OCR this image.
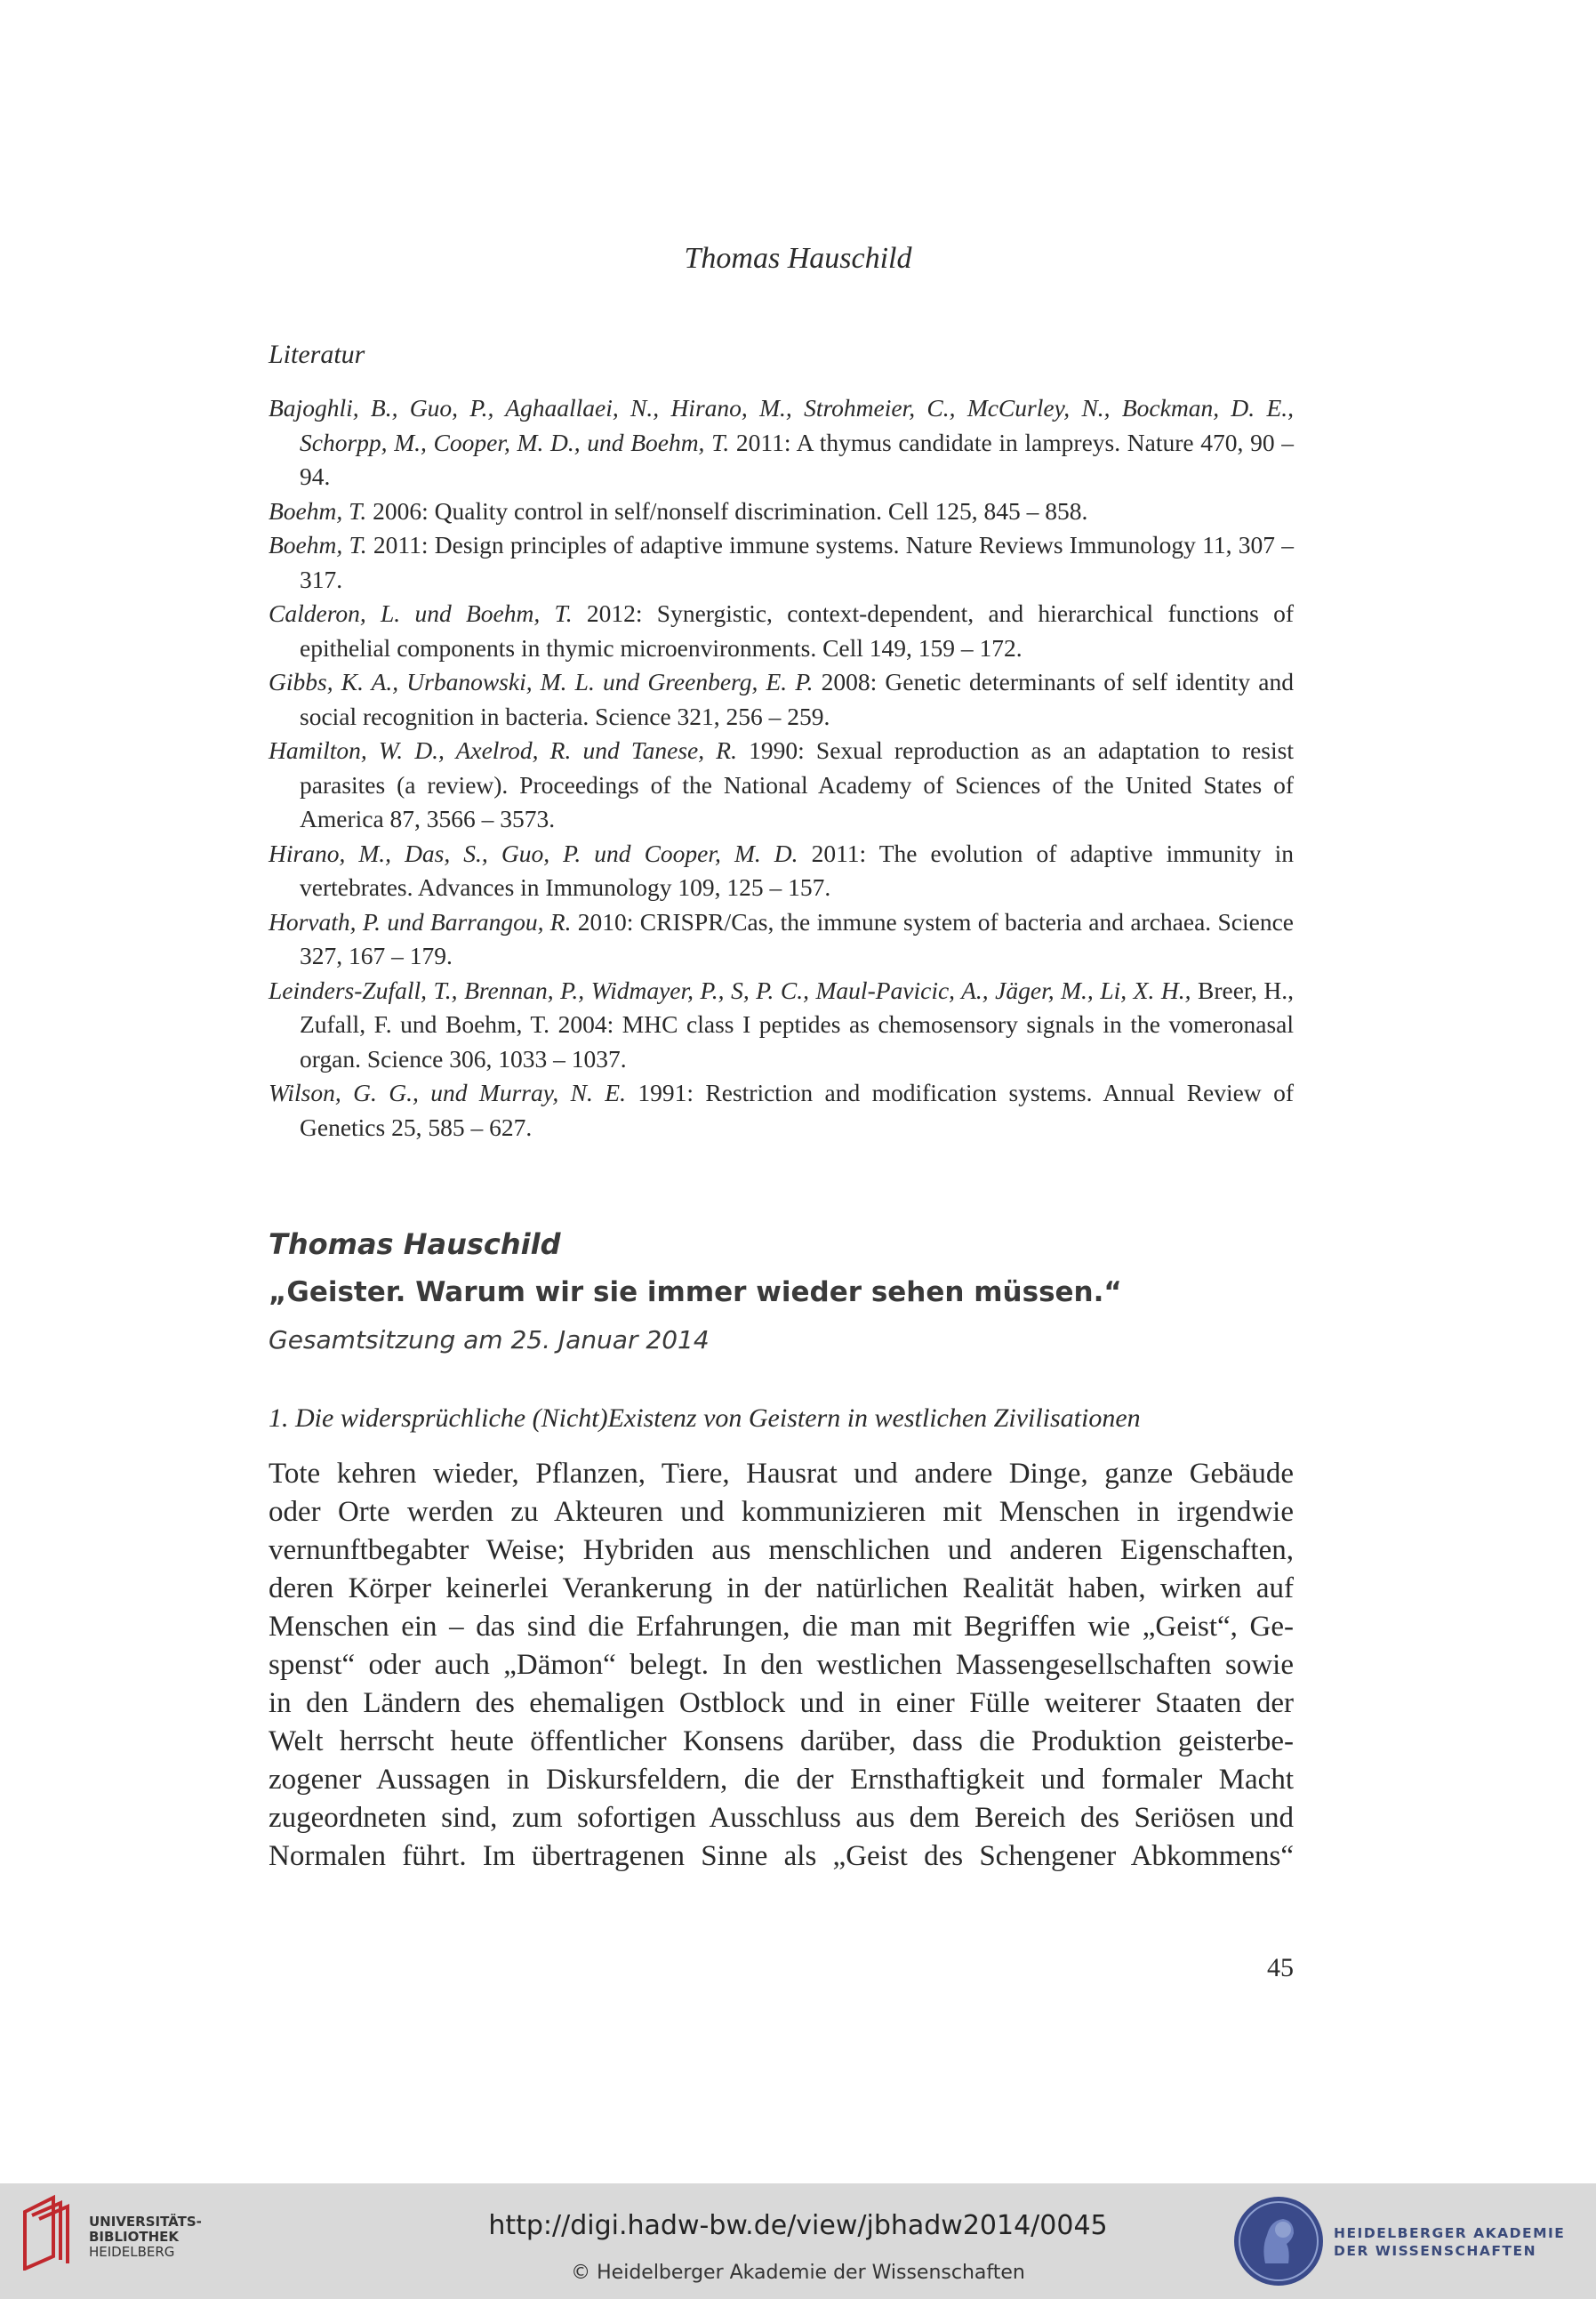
Thomas Hauschild
Literatur
Bajoghli, B., Guo, P., Aghaallaei, N., Hirano, M., Strohmeier, C., McCurley, N., Bockman, D. E., Schorpp, M., Cooper, M. D., und Boehm, T. 2011: A thymus candidate in lampreys. Nature 470, 90 – 94.
Boehm, T. 2006: Quality control in self/nonself discrimination. Cell 125, 845 – 858.
Boehm, T. 2011: Design principles of adaptive immune systems. Nature Reviews Immunology 11, 307 – 317.
Calderon, L. und Boehm, T. 2012: Synergistic, context-dependent, and hierarchical functions of epithelial components in thymic microenvironments. Cell 149, 159 – 172.
Gibbs, K. A., Urbanowski, M. L. und Greenberg, E. P. 2008: Genetic determinants of self identity and social recognition in bacteria. Science 321, 256 – 259.
Hamilton, W. D., Axelrod, R. und Tanese, R. 1990: Sexual reproduction as an adaptation to resist parasites (a review). Proceedings of the National Academy of Sciences of the United States of America 87, 3566 – 3573.
Hirano, M., Das, S., Guo, P. und Cooper, M. D. 2011: The evolution of adaptive immunity in vertebrates. Advances in Immunology 109, 125 – 157.
Horvath, P. und Barrangou, R. 2010: CRISPR/Cas, the immune system of bacteria and archaea. Science 327, 167 – 179.
Leinders-Zufall, T., Brennan, P., Widmayer, P., S, P. C., Maul-Pavicic, A., Jäger, M., Li, X. H., Breer, H., Zufall, F. und Boehm, T. 2004: MHC class I peptides as chemosensory signals in the vomeronasal organ. Science 306, 1033 – 1037.
Wilson, G. G., und Murray, N. E. 1991: Restriction and modification systems. Annual Review of Genetics 25, 585 – 627.
Thomas Hauschild
„Geister. Warum wir sie immer wieder sehen müssen.“
Gesamtsitzung am 25. Januar 2014
1. Die widersprüchliche (Nicht)Existenz von Geistern in westlichen Zivilisationen
Tote kehren wieder, Pflanzen, Tiere, Hausrat und andere Dinge, ganze Gebäude
oder Orte werden zu Akteuren und kommunizieren mit Menschen in irgendwie
vernunftbegabter Weise; Hybriden aus menschlichen und anderen Eigenschaften,
deren Körper keinerlei Verankerung in der natürlichen Realität haben, wirken auf
Menschen ein – das sind die Erfahrungen, die man mit Begriffen wie „Geist“, Ge-
spenst“ oder auch „Dämon“ belegt. In den westlichen Massengesellschaften sowie
in den Ländern des ehemaligen Ostblock und in einer Fülle weiterer Staaten der
Welt herrscht heute öffentlicher Konsens darüber, dass die Produktion geisterbe-
zogener Aussagen in Diskursfeldern, die der Ernsthaftigkeit und formaler Macht
zugeordneten sind, zum sofortigen Ausschluss aus dem Bereich des Seriösen und
Normalen führt. Im übertragenen Sinne als „Geist des Schengener Abkommens“
45
UNIVERSITÄTS-
BIBLIOTHEK
HEIDELBERG
http://digi.hadw-bw.de/view/jbhadw2014/0045
© Heidelberger Akademie der Wissenschaften
HEIDELBERGER AKADEMIE
DER WISSENSCHAFTEN
